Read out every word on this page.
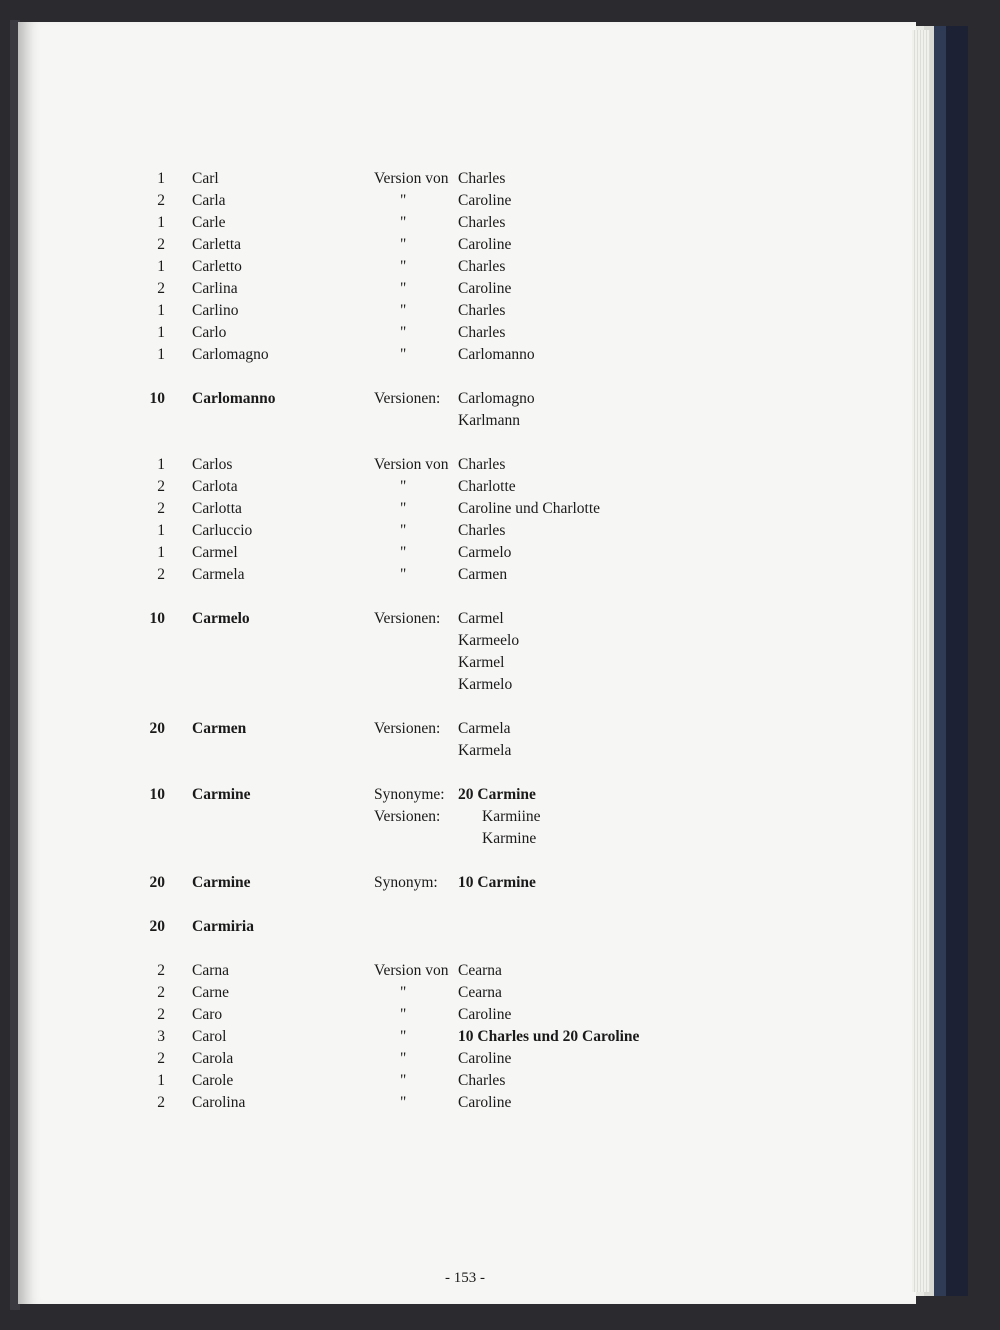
1 Carl	Version von Charles
2 Carla	"	Caroline
1 Carle	"	Charles
2 Carletta	"	Caroline
1 Carletto	"	Charles
2 Carlina	"	Caroline
1 Carlino	"	Charles
1 Carlo	"	Charles
1 Carlomagno	"	Carlomanno
10 Carlomanno	Versionen: Carlomagno
Karlmann
1 Carlos	Version von Charles
2 Carlota	"	Charlotte
2 Carlotta	"	Caroline und Charlotte
1 Carluccio	"	Charles
1 Carmel	"	Carmelo
2 Carmela	"	Carmen
10 Carmelo	Versionen: Carmel
Karmeelo
Karmel
Karmelo
20 Carmen	Versionen: Carmela
Karmela
10 Carmine	Synonyme: 20 Carmine
Versionen:	Karmiine
Karmine
20 Carmine	Synonym: 10 Carmine
20 Carmiria
2 Carna	Version von Cearna
2 Carne	"	Cearna
2 Caro	"	Caroline
3 Carol	"	10 Charles und 20 Caroline
2 Carola	"	Caroline
1 Carole	"	Charles
2 Carolina	"	Caroline
- 153 -
